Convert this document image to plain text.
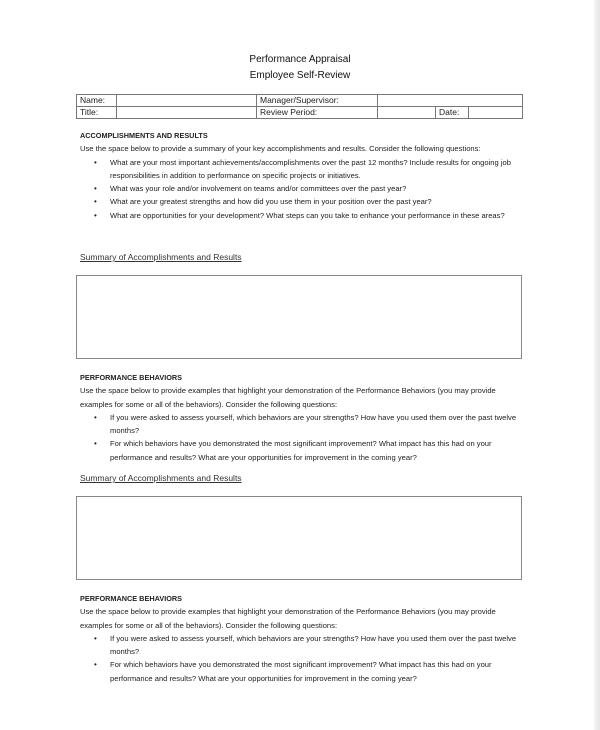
Performance Appraisal
Employee Self-Review
Name:		Manager/Supervisor:			
Title:		Review Period:		Date:	
ACCOMPLISHMENTS AND RESULTS
Use the space below to provide a summary of your key accomplishments and results. Consider the following questions:
• What are your most important achievements/accomplishments over the past 12 months? Include results for ongoing job responsibilities in addition to performance on specific projects or initiatives.
• What was your role and/or involvement on teams and/or committees over the past year?
• What are your greatest strengths and how did you use them in your position over the past year?
• What are opportunities for your development? What steps can you take to enhance your performance in these areas?
Summary of Accomplishments and Results
PERFORMANCE BEHAVIORS
Use the space below to provide examples that highlight your demonstration of the Performance Behaviors (you may provide examples for some or all of the behaviors). Consider the following questions:
• If you were asked to assess yourself, which behaviors are your strengths? How have you used them over the past twelve months?
• For which behaviors have you demonstrated the most significant improvement? What impact has this had on your performance and results? What are your opportunities for improvement in the coming year?
Summary of Accomplishments and Results
PERFORMANCE BEHAVIORS
Use the space below to provide examples that highlight your demonstration of the Performance Behaviors (you may provide examples for some or all of the behaviors). Consider the following questions:
• If you were asked to assess yourself, which behaviors are your strengths? How have you used them over the past twelve months?
• For which behaviors have you demonstrated the most significant improvement? What impact has this had on your performance and results? What are your opportunities for improvement in the coming year?
